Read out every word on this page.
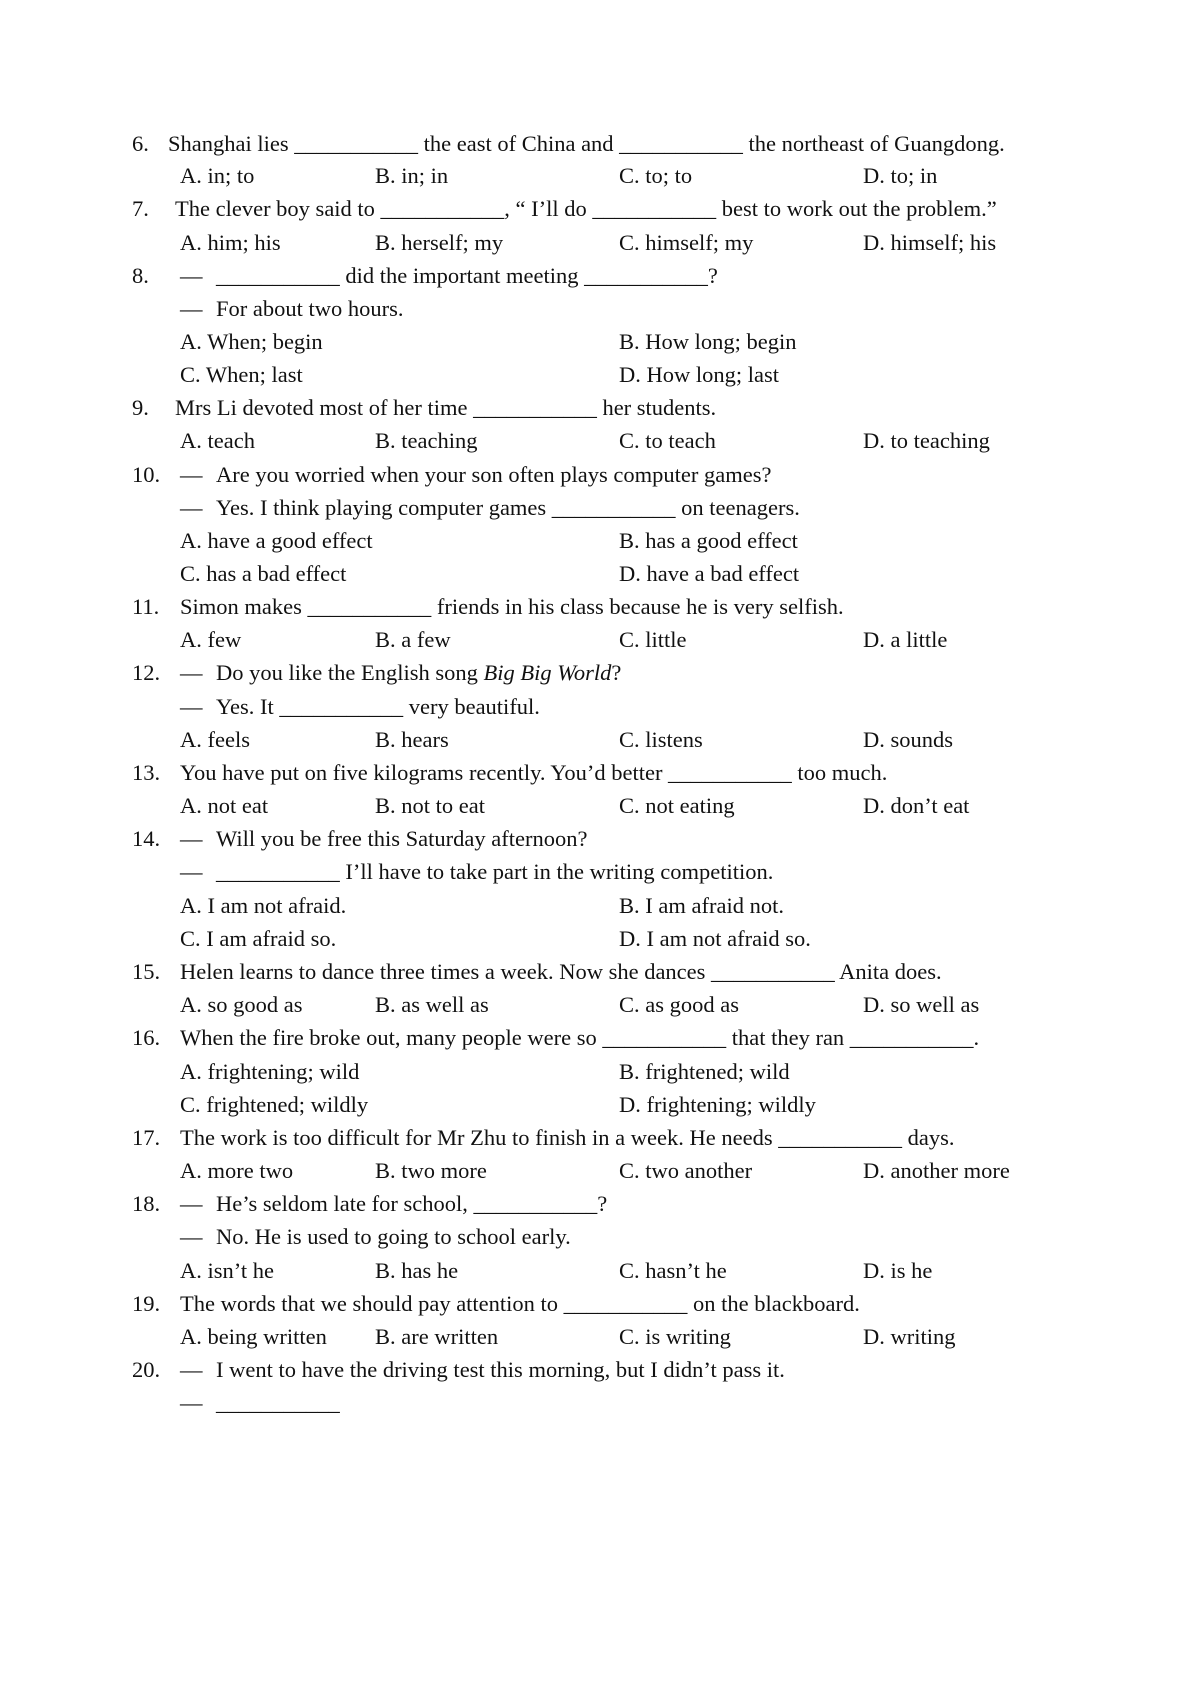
6.

Shanghai lies ___________ the east of China and ___________ the northeast of Guangdong.

A. in; to

	B. in; in

	C. to; to

	D. to; in

7.

The clever boy said to ___________, “ I’ll do ___________ best to work out the problem.”

A. him; his

	B. herself; my

	C. himself; my

	D. himself; his

8.

—

___________ did the important meeting ___________?

—

For about two hours.

A. When; begin

	B. How long; begin

C. When; last

	D. How long; last

9.

Mrs Li devoted most of her time ___________ her students.

A. teach

	B. teaching

	C. to teach

	D. to teaching

10.

—

Are you worried when your son often plays computer games?

—

Yes. I think playing computer games ___________ on teenagers.

A. have a good effect

	B. has a good effect

C. has a bad effect

	D. have a bad effect

11.

Simon makes ___________ friends in his class because he is very selfish.

A. few

	B. a few

	C. little

	D. a little

12.

—

Do you like the English song Big Big World?

—

Yes. It ___________ very beautiful.

A. feels

	B. hears

	C. listens

	D. sounds

13.

You have put on five kilograms recently. You’d better ___________ too much.

A. not eat

	B. not to eat

	C. not eating

	D. don’t eat

14.

—

Will you be free this Saturday afternoon?

—

___________ I’ll have to take part in the writing competition.

A. I am not afraid.

	B. I am afraid not.

C. I am afraid so.

	D. I am not afraid so.

15.

Helen learns to dance three times a week. Now she dances ___________ Anita does.

A. so good as

	B. as well as

	C. as good as

	D. so well as

16.

When the fire broke out, many people were so ___________ that they ran ___________.

A. frightening; wild

	B. frightened; wild

C. frightened; wildly

	D. frightening; wildly

17.

The work is too difficult for Mr Zhu to finish in a week. He needs ___________ days.

A. more two

	B. two more

	C. two another

	D. another more

18.

—

He’s seldom late for school, ___________?

—

No. He is used to going to school early.

A. isn’t he

	B. has he

	C. hasn’t he

	D. is he

19.

The words that we should pay attention to ___________ on the blackboard.

A. being written

B. are written

	C. is writing

	D. writing

20.

—

I went to have the driving test this morning, but I didn’t pass it.

—

___________
